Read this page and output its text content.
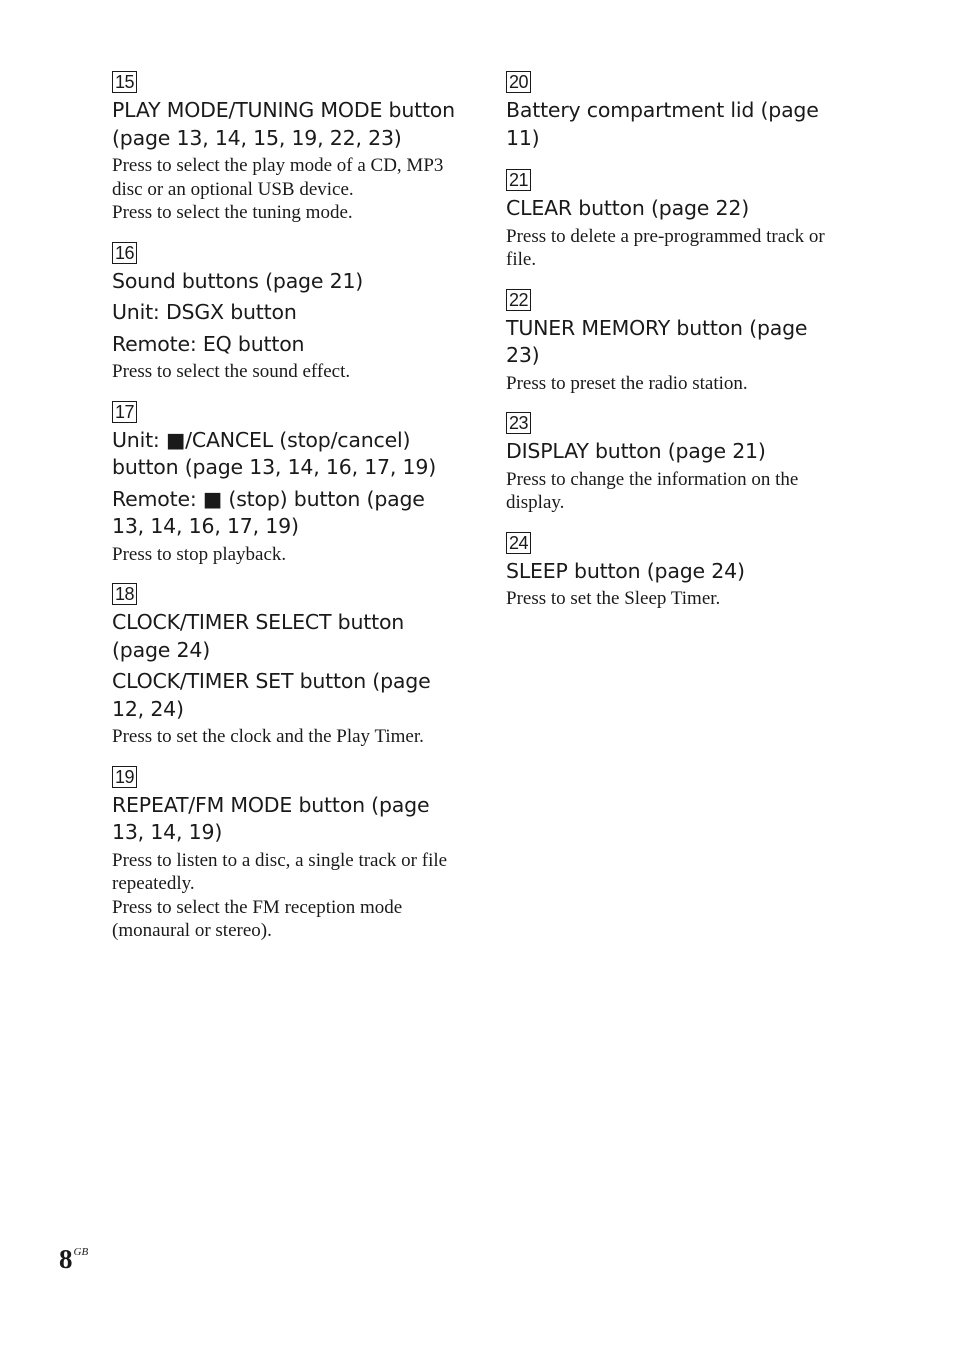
15

PLAY MODE/TUNING MODE button (page 13, 14, 15, 19, 22, 23)

Press to select the play mode of a CD, MP3 disc or an optional USB device.
Press to select the tuning mode.

16

Sound buttons (page 21)

Unit: DSGX button

Remote: EQ button

Press to select the sound effect.

17

Unit: ■/CANCEL (stop/cancel) button (page 13, 14, 16, 17, 19)

Remote: ■ (stop) button (page 13, 14, 16, 17, 19)

Press to stop playback.

18

CLOCK/TIMER SELECT button (page 24)

CLOCK/TIMER SET button (page 12, 24)

Press to set the clock and the Play Timer.

19

REPEAT/FM MODE button (page 13, 14, 19)

Press to listen to a disc, a single track or file repeatedly.
Press to select the FM reception mode (monaural or stereo).

20

Battery compartment lid (page 11)

21

CLEAR button (page 22)

Press to delete a pre-programmed track or file.

22

TUNER MEMORY button (page 23)

Press to preset the radio station.

23

DISPLAY button (page 21)

Press to change the information on the display.

24

SLEEP button (page 24)

Press to set the Sleep Timer.

$8^{GB}$
